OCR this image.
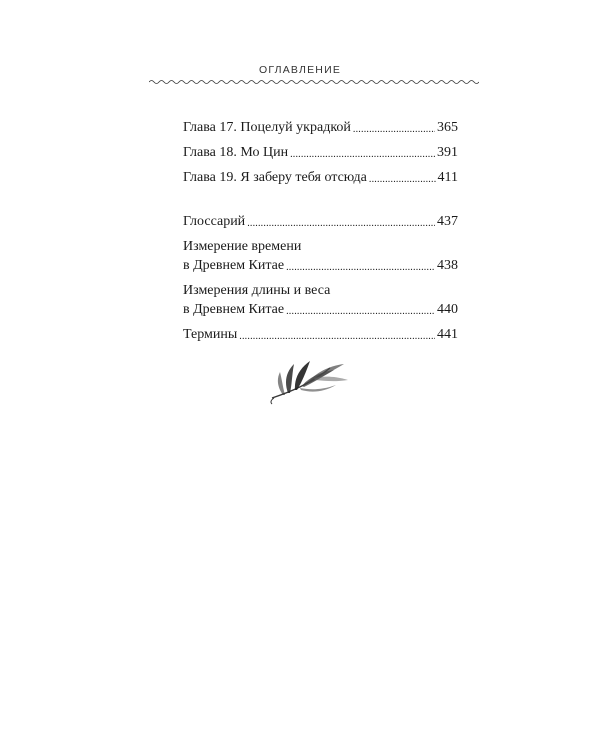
ОГЛАВЛЕНИЕ
Глава 17. Поцелуй украдкой .....	365
Глава 18. Мо Цин .....	391
Глава 19. Я заберу тебя отсюда .....	411
Глоссарий .....	437
Измерение времени
в Древнем Китае .....	438
Измерения длины и веса
в Древнем Китае .....	440
Термины .....	441
